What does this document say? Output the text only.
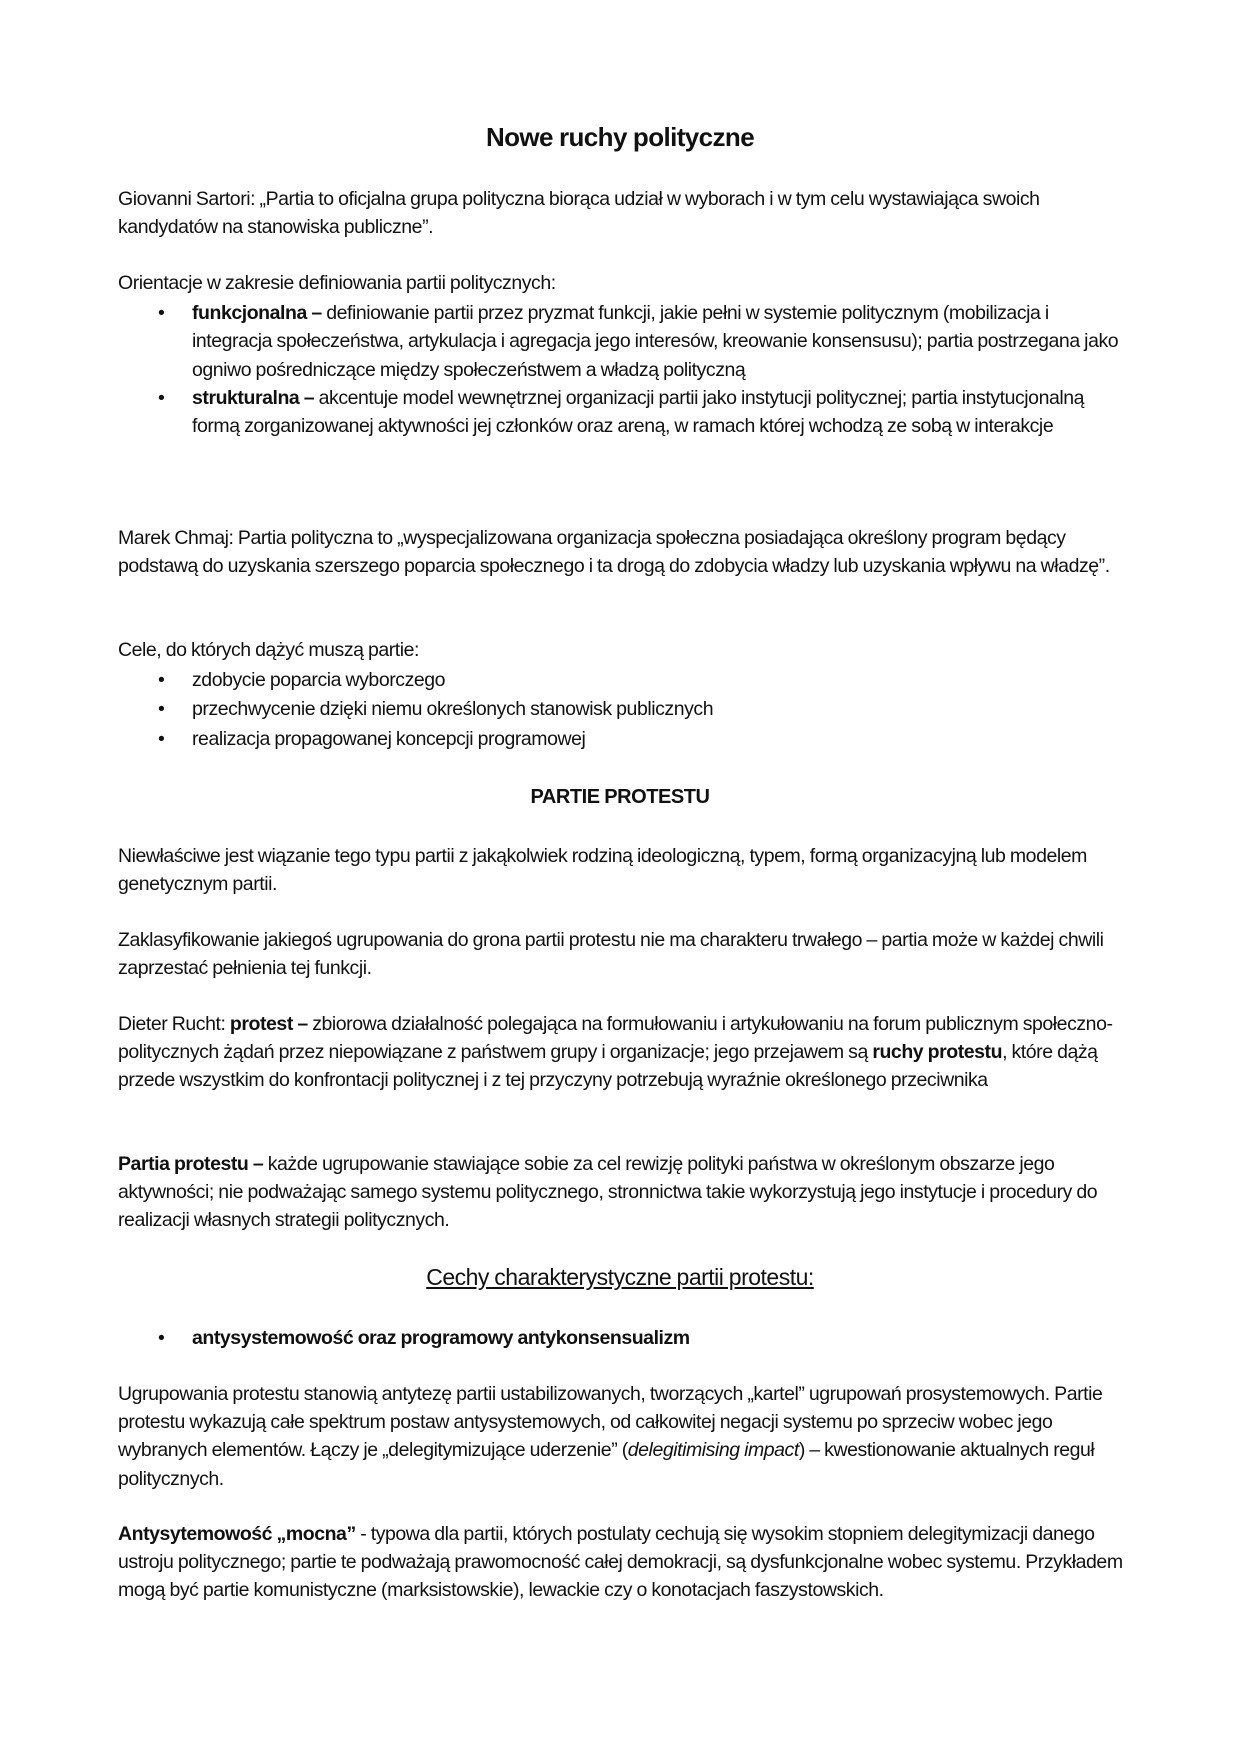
Nowe ruchy polityczne
Giovanni Sartori: „Partia to oficjalna grupa polityczna biorąca udział w wyborach i w tym celu wystawiająca swoich kandydatów na stanowiska publiczne”.
Orientacje w zakresie definiowania partii politycznych:
• funkcjonalna – definiowanie partii przez pryzmat funkcji, jakie pełni w systemie politycznym (mobilizacja i integracja społeczeństwa, artykulacja i agregacja jego interesów, kreowanie konsensusu); partia postrzegana jako ogniwo pośredniczące między społeczeństwem a władzą polityczną
• strukturalna – akcentuje model wewnętrznej organizacji partii jako instytucji politycznej; partia instytucjonalną formą zorganizowanej aktywności jej członków oraz areną, w ramach której wchodzą ze sobą w interakcje
Marek Chmaj: Partia polityczna to „wyspecjalizowana organizacja społeczna posiadająca określony program będący podstawą do uzyskania szerszego poparcia społecznego i ta drogą do zdobycia władzy lub uzyskania wpływu na władzę”.
Cele, do których dążyć muszą partie:
• zdobycie poparcia wyborczego
• przechwycenie dzięki niemu określonych stanowisk publicznych
• realizacja propagowanej koncepcji programowej
PARTIE PROTESTU
Niewłaściwe jest wiązanie tego typu partii z jakąkolwiek rodziną ideologiczną, typem, formą organizacyjną lub modelem genetycznym partii.
Zaklasyfikowanie jakiegoś ugrupowania do grona partii protestu nie ma charakteru trwałego – partia może w każdej chwili zaprzestać pełnienia tej funkcji.
Dieter Rucht: protest – zbiorowa działalność polegająca na formułowaniu i artykułowaniu na forum publicznym społeczno-politycznych żądań przez niepowiązane z państwem grupy i organizacje; jego przejawem są ruchy protestu, które dążą przede wszystkim do konfrontacji politycznej i z tej przyczyny potrzebują wyraźnie określonego przeciwnika
Partia protestu – każde ugrupowanie stawiające sobie za cel rewizję polityki państwa w określonym obszarze jego aktywności; nie podważając samego systemu politycznego, stronnictwa takie wykorzystują jego instytucje i procedury do realizacji własnych strategii politycznych.
Cechy charakterystyczne partii protestu:
• antysystemowość oraz programowy antykonsensualizm
Ugrupowania protestu stanowią antytezę partii ustabilizowanych, tworzących „kartel” ugrupowań prosystemowych. Partie protestu wykazują całe spektrum postaw antysystemowych, od całkowitej negacji systemu po sprzeciw wobec jego wybranych elementów. Łączy je „delegitymizujące uderzenie” (delegitimising impact) – kwestionowanie aktualnych reguł politycznych.
Antysytemowość „mocna” - typowa dla partii, których postulaty cechują się wysokim stopniem delegitymizacji danego ustroju politycznego; partie te podważają prawomocność całej demokracji, są dysfunkcjonalne wobec systemu. Przykładem mogą być partie komunistyczne (marksistowskie), lewackie czy o konotacjach faszystowskich.
